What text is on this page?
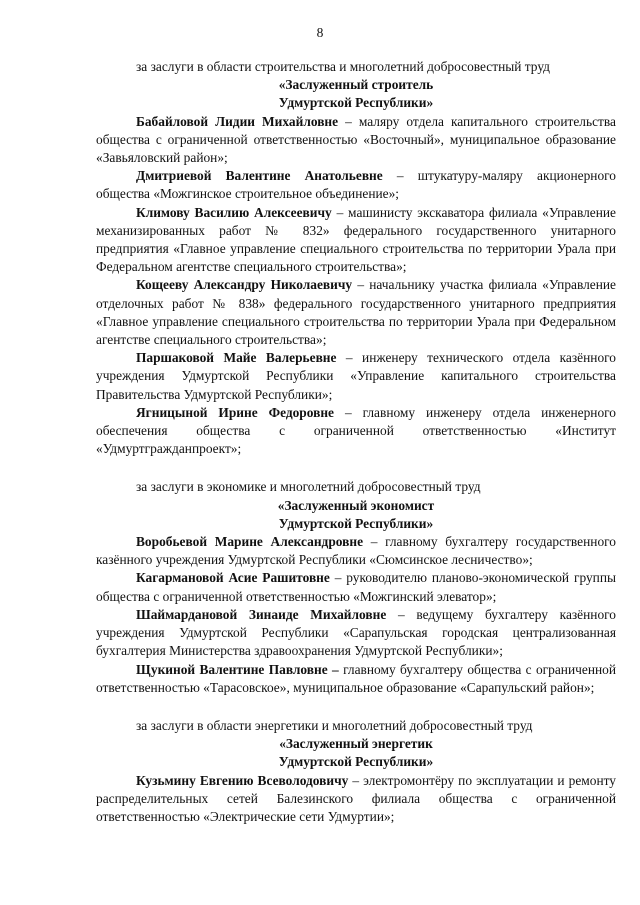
8

за заслуги в области строительства и многолетний добросовестный труд

«Заслуженный строитель

Удмуртской Республики»

Бабайловой Лидии Михайловне – маляру отдела капитального строительства общества с ограниченной ответственностью «Восточный», муниципальное образование «Завьяловский район»;

Дмитриевой Валентине Анатольевне – штукатуру-маляру акционерного общества «Можгинское строительное объединение»;

Климову Василию Алексеевичу – машинисту экскаватора филиала «Управление механизированных работ № 832» федерального государственного унитарного предприятия «Главное управление специального строительства по территории Урала при Федеральном агентстве специального строительства»;

Кощееву Александру Николаевичу – начальнику участка филиала «Управление отделочных работ № 838» федерального государственного унитарного предприятия «Главное управление специального строительства по территории Урала при Федеральном агентстве специального строительства»;

Паршаковой Майе Валерьевне – инженеру технического отдела казённого учреждения Удмуртской Республики «Управление капитального строительства Правительства Удмуртской Республики»;

Ягницыной Ирине Федоровне – главному инженеру отдела инженерного обеспечения общества с ограниченной ответственностью «Институт «Удмуртгражданпроект»;

за заслуги в экономике и многолетний добросовестный труд

«Заслуженный экономист

Удмуртской Республики»

Воробьевой Марине Александровне – главному бухгалтеру государственного казённого учреждения Удмуртской Республики «Сюмсинское лесничество»;

Кагармановой Асие Рашитовне – руководителю планово-экономической группы общества с ограниченной ответственностью «Можгинский элеватор»;

Шаймардановой Зинаиде Михайловне – ведущему бухгалтеру казённого учреждения Удмуртской Республики «Сарапульская городская централизованная бухгалтерия Министерства здравоохранения Удмуртской Республики»;

Щукиной Валентине Павловне – главному бухгалтеру общества с ограниченной ответственностью «Тарасовское», муниципальное образование «Сарапульский район»;

за заслуги в области энергетики и многолетний добросовестный труд

«Заслуженный энергетик

Удмуртской Республики»

Кузьмину Евгению Всеволодовичу – электромонтёру по эксплуатации и ремонту распределительных сетей Балезинского филиала общества с ограниченной ответственностью «Электрические сети Удмуртии»;
